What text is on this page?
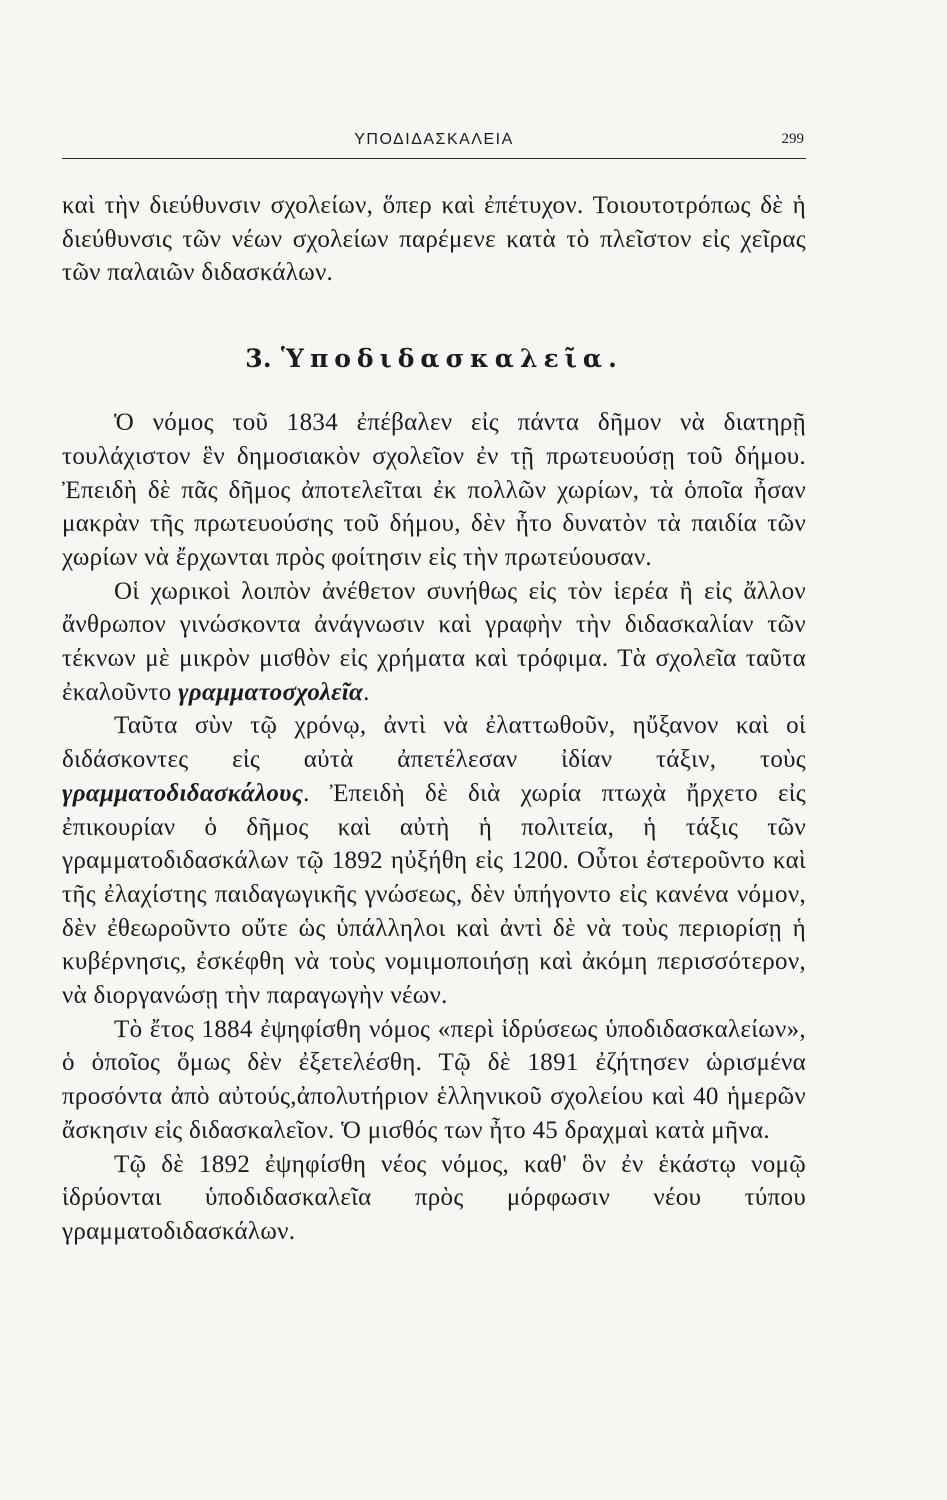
ΥΠΟΔΙΔΑΣΚΑΛΕΙΑ	299

καὶ τὴν διεύθυνσιν σχολείων, ὅπερ καὶ ἐπέτυχον. Τοιουτοτρόπως δὲ ἡ διεύθυνσις τῶν νέων σχολείων παρέμενε κατὰ τὸ πλεῖστον εἰς χεῖρας τῶν παλαιῶν διδασκάλων.

3. Ὑποδιδασκαλεῖα.

Ὁ νόμος τοῦ 1834 ἐπέβαλεν εἰς πάντα δῆμον νὰ διατηρῇ τουλάχιστον ἓν δημοσιακὸν σχολεῖον ἐν τῇ πρωτευούσῃ τοῦ δήμου. Ἐπειδὴ δὲ πᾶς δῆμος ἀποτελεῖται ἐκ πολλῶν χωρίων, τὰ ὁποῖα ἦσαν μακρὰν τῆς πρωτευούσης τοῦ δήμου, δὲν ἦτο δυνατὸν τὰ παιδία τῶν χωρίων νὰ ἔρχωνται πρὸς φοίτησιν εἰς τὴν πρωτεύουσαν.

Οἱ χωρικοὶ λοιπὸν ἀνέθετον συνήθως εἰς τὸν ἱερέα ἢ εἰς ἄλλον ἄνθρωπον γινώσκοντα ἀνάγνωσιν καὶ γραφὴν τὴν διδασκαλίαν τῶν τέκνων μὲ μικρὸν μισθὸν εἰς χρήματα καὶ τρόφιμα. Τὰ σχολεῖα ταῦτα ἐκαλοῦντο γραμματοσχολεῖα.

Ταῦτα σὺν τῷ χρόνῳ, ἀντὶ νὰ ἐλαττωθοῦν, ηὔξανον καὶ οἱ διδάσκοντες εἰς αὐτὰ ἀπετέλεσαν ἰδίαν τάξιν, τοὺς γραμματοδιδασκάλους. Ἐπειδὴ δὲ διὰ χωρία πτωχὰ ἤρχετο εἰς ἐπικουρίαν ὁ δῆμος καὶ αὐτὴ ἡ πολιτεία, ἡ τάξις τῶν γραμματοδιδασκάλων τῷ 1892 ηὐξήθη εἰς 1200. Οὗτοι ἐστεροῦντο καὶ τῆς ἐλαχίστης παιδαγωγικῆς γνώσεως, δὲν ὑπήγοντο εἰς κανένα νόμον, δὲν ἐθεωροῦντο οὔτε ὡς ὑπάλληλοι καὶ ἀντὶ δὲ νὰ τοὺς περιορίσῃ ἡ κυβέρνησις, ἐσκέφθη νὰ τοὺς νομιμοποιήσῃ καὶ ἀκόμη περισσότερον, νὰ διοργανώσῃ τὴν παραγωγὴν νέων.

Τὸ ἔτος 1884 ἐψηφίσθη νόμος «περὶ ἱδρύσεως ὑποδιδασκαλείων», ὁ ὁποῖος ὅμως δὲν ἐξετελέσθη. Τῷ δὲ 1891 ἐζήτησεν ὡρισμένα προσόντα ἀπὸ αὐτούς,ἀπολυτήριον ἑλληνικοῦ σχολείου καὶ 40 ἡμερῶν ἄσκησιν εἰς διδασκαλεῖον. Ὁ μισθός των ἦτο 45 δραχμαὶ κατὰ μῆνα.

Τῷ δὲ 1892 ἐψηφίσθη νέος νόμος, καθ' ὃν ἐν ἑκάστῳ νομῷ ἱδρύονται ὑποδιδασκαλεῖα πρὸς μόρφωσιν νέου τύπου γραμματοδιδασκάλων.
